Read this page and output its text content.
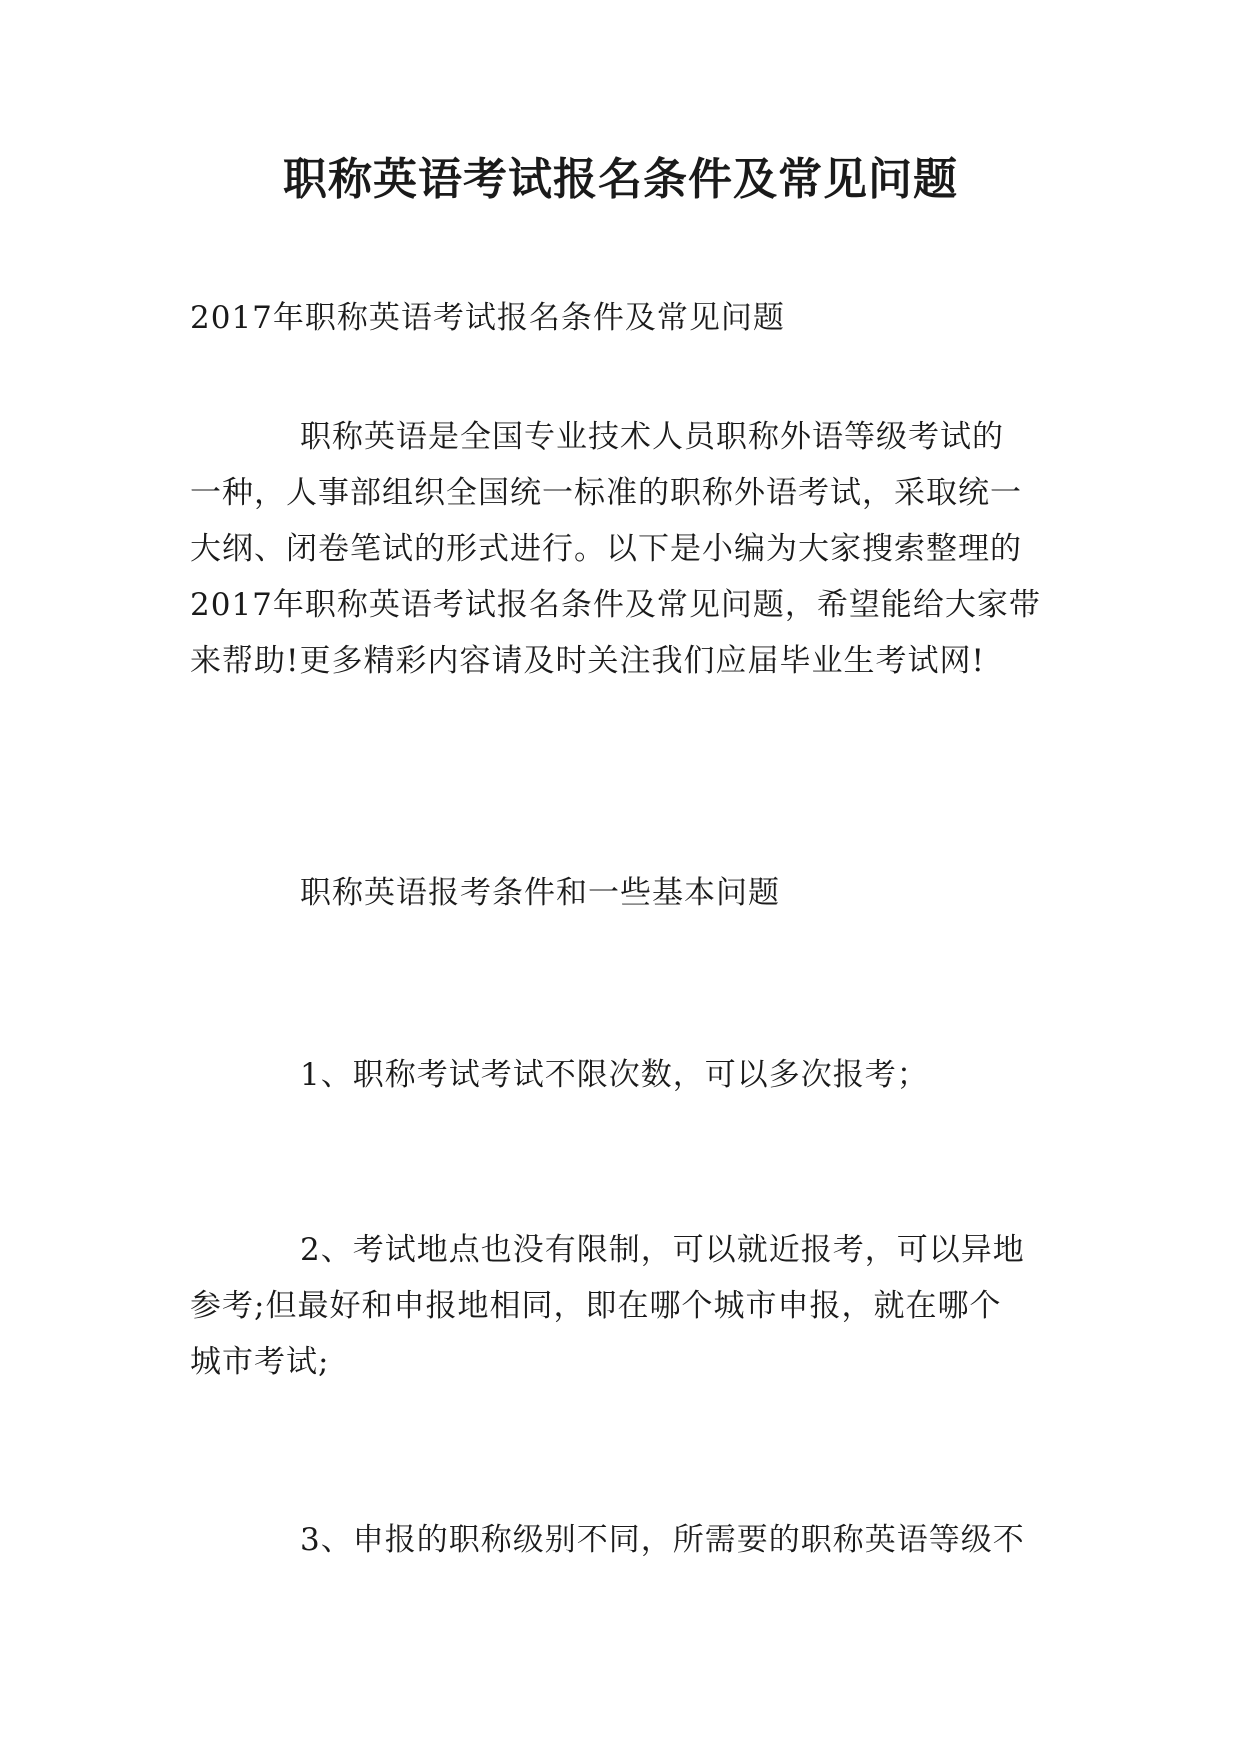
职称英语考试报名条件及常见问题

2017年职称英语考试报名条件及常见问题

职称英语是全国专业技术人员职称外语等级考试的
一种，人事部组织全国统一标准的职称外语考试，采取统一
大纲、闭卷笔试的形式进行。以下是小编为大家搜索整理的
2017年职称英语考试报名条件及常见问题，希望能给大家带
来帮助!更多精彩内容请及时关注我们应届毕业生考试网!

职称英语报考条件和一些基本问题

1、职称考试考试不限次数，可以多次报考；

2、考试地点也没有限制，可以就近报考，可以异地
参考;但最好和申报地相同，即在哪个城市申报，就在哪个
城市考试;

3、申报的职称级别不同，所需要的职称英语等级不
